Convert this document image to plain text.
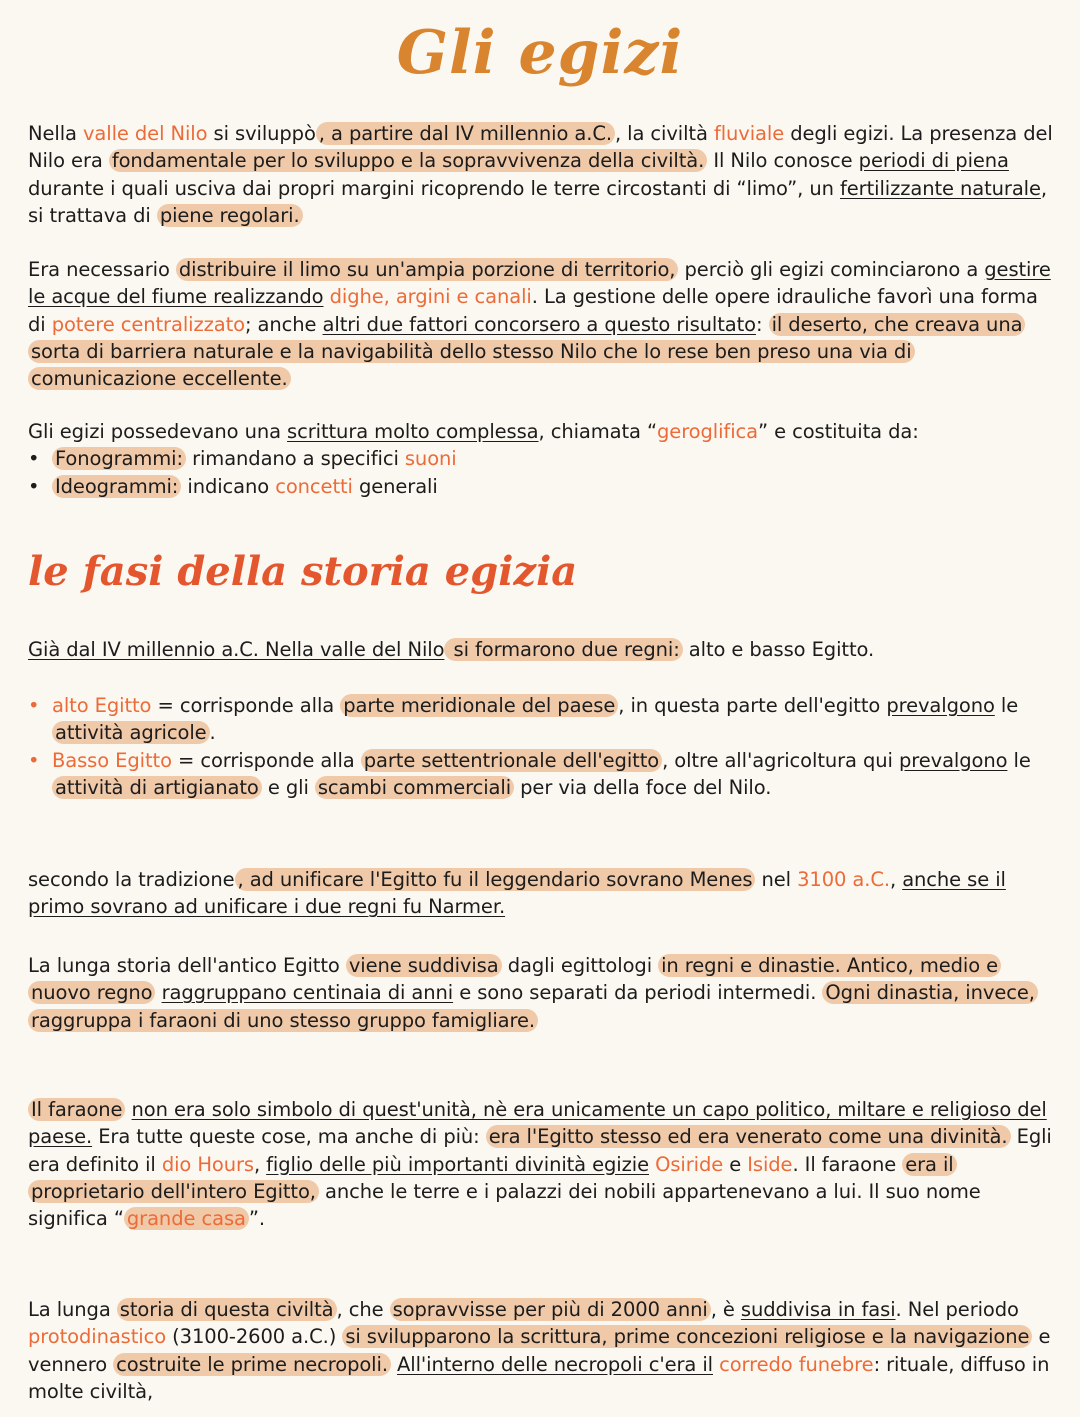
Gli egizi
Nella valle del Nilo si sviluppò , a partire dal IV millennio a.C. , la civiltà fluviale degli egizi. La presenza del Nilo era fondamentale per lo sviluppo e la sopravvivenza della civiltà. Il Nilo conosce periodi di piena durante i quali usciva dai propri margini ricoprendo le terre circostanti di “limo”, un fertilizzante naturale, si trattava di piene regolari.
Era necessario distribuire il limo su un'ampia porzione di territorio, perciò gli egizi cominciarono a gestire le acque del fiume realizzando dighe, argini e canali. La gestione delle opere idrauliche favorì una forma di potere centralizzato; anche altri due fattori concorsero a questo risultato: il deserto, che creava una sorta di barriera naturale e la navigabilità dello stesso Nilo che lo rese ben preso una via di comunicazione eccellente.
Gli egizi possedevano una scrittura molto complessa, chiamata “geroglifica” e costituita da:
• Fonogrammi: rimandano a specifici suoni
• Ideogrammi: indicano concetti generali
le fasi della storia egizia
Già dal IV millennio a.C. Nella valle del Nilo si formarono due regni: alto e basso Egitto.
• alto Egitto = corrisponde alla parte meridionale del paese , in questa parte dell'egitto prevalgono le attività agricole .
• Basso Egitto = corrisponde alla parte settentrionale dell'egitto , oltre all'agricoltura qui prevalgono le attività di artigianato e gli scambi commerciali per via della foce del Nilo.
secondo la tradizione , ad unificare l'Egitto fu il leggendario sovrano Menes nel 3100 a.C., anche se il primo sovrano ad unificare i due regni fu Narmer.
La lunga storia dell'antico Egitto viene suddivisa dagli egittologi in regni e dinastie. Antico, medio e nuovo regno raggruppano centinaia di anni e sono separati da periodi intermedi. Ogni dinastia, invece, raggruppa i faraoni di uno stesso gruppo famigliare.
Il faraone non era solo simbolo di quest'unità, nè era unicamente un capo politico, miltare e religioso del paese. Era tutte queste cose, ma anche di più: era l'Egitto stesso ed era venerato come una divinità. Egli era definito il dio Hours, figlio delle più importanti divinità egizie Osiride e Iside. Il faraone era il proprietario dell'intero Egitto, anche le terre e i palazzi dei nobili appartenevano a lui. Il suo nome significa “ grande casa ”.
La lunga storia di questa civiltà , che sopravvisse per più di 2000 anni , è suddivisa in fasi. Nel periodo protodinastico (3100-2600 a.C.) si svilupparono la scrittura, prime concezioni religiose e la navigazione e vennero costruite le prime necropoli. All'interno delle necropoli c'era il corredo funebre: rituale, diffuso in molte civiltà,
